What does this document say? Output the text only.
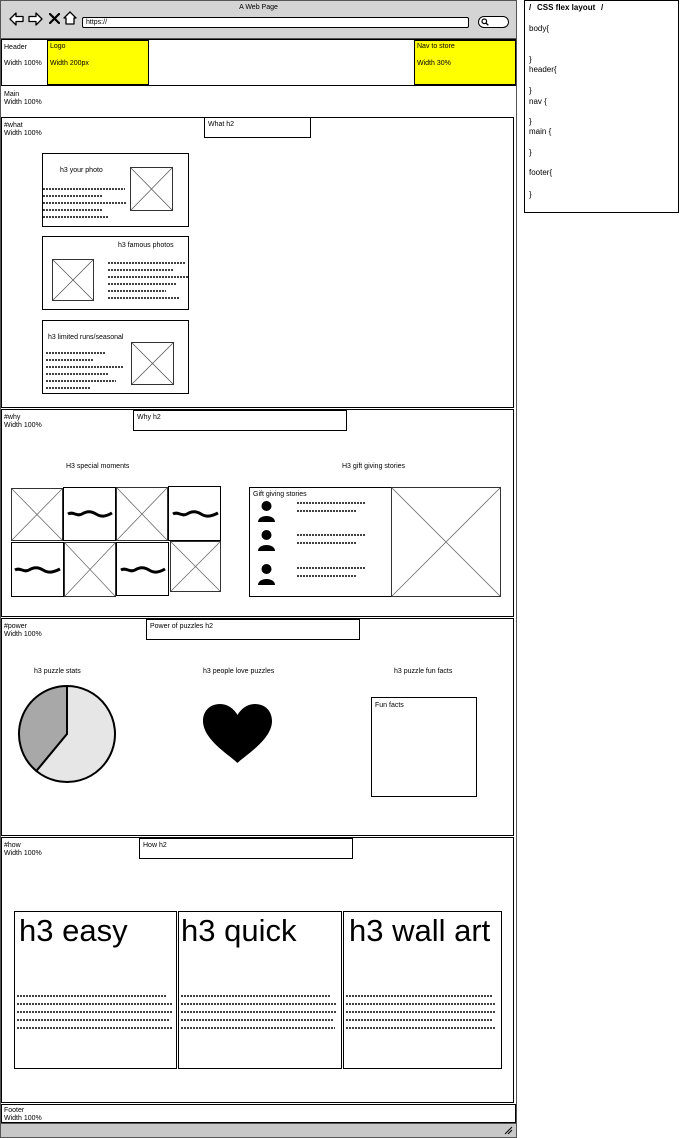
A Web Page
https://
Header
Width 100%
Logo
Width 200px
Nav to store
Width 30%
Main
Width 100%
#what
Width 100%
What h2
h3 your photo
h3 famous photos
h3 limited runs/seasonal
#why
Width 100%
Why h2
H3 special moments	H3 gift giving stories
Gift giving stories
#power
Width 100%
Power of puzzles h2
h3 puzzle stats	h3 people love puzzles	h3 puzzle fun facts
Fun facts
#how
Width 100%
How h2
h3 easy h3 quick h3 wall art
Footer
Width 100%
/ CSS flex layout /
body{
}
header{
}
nav {
}
main {
}
footer{
}
